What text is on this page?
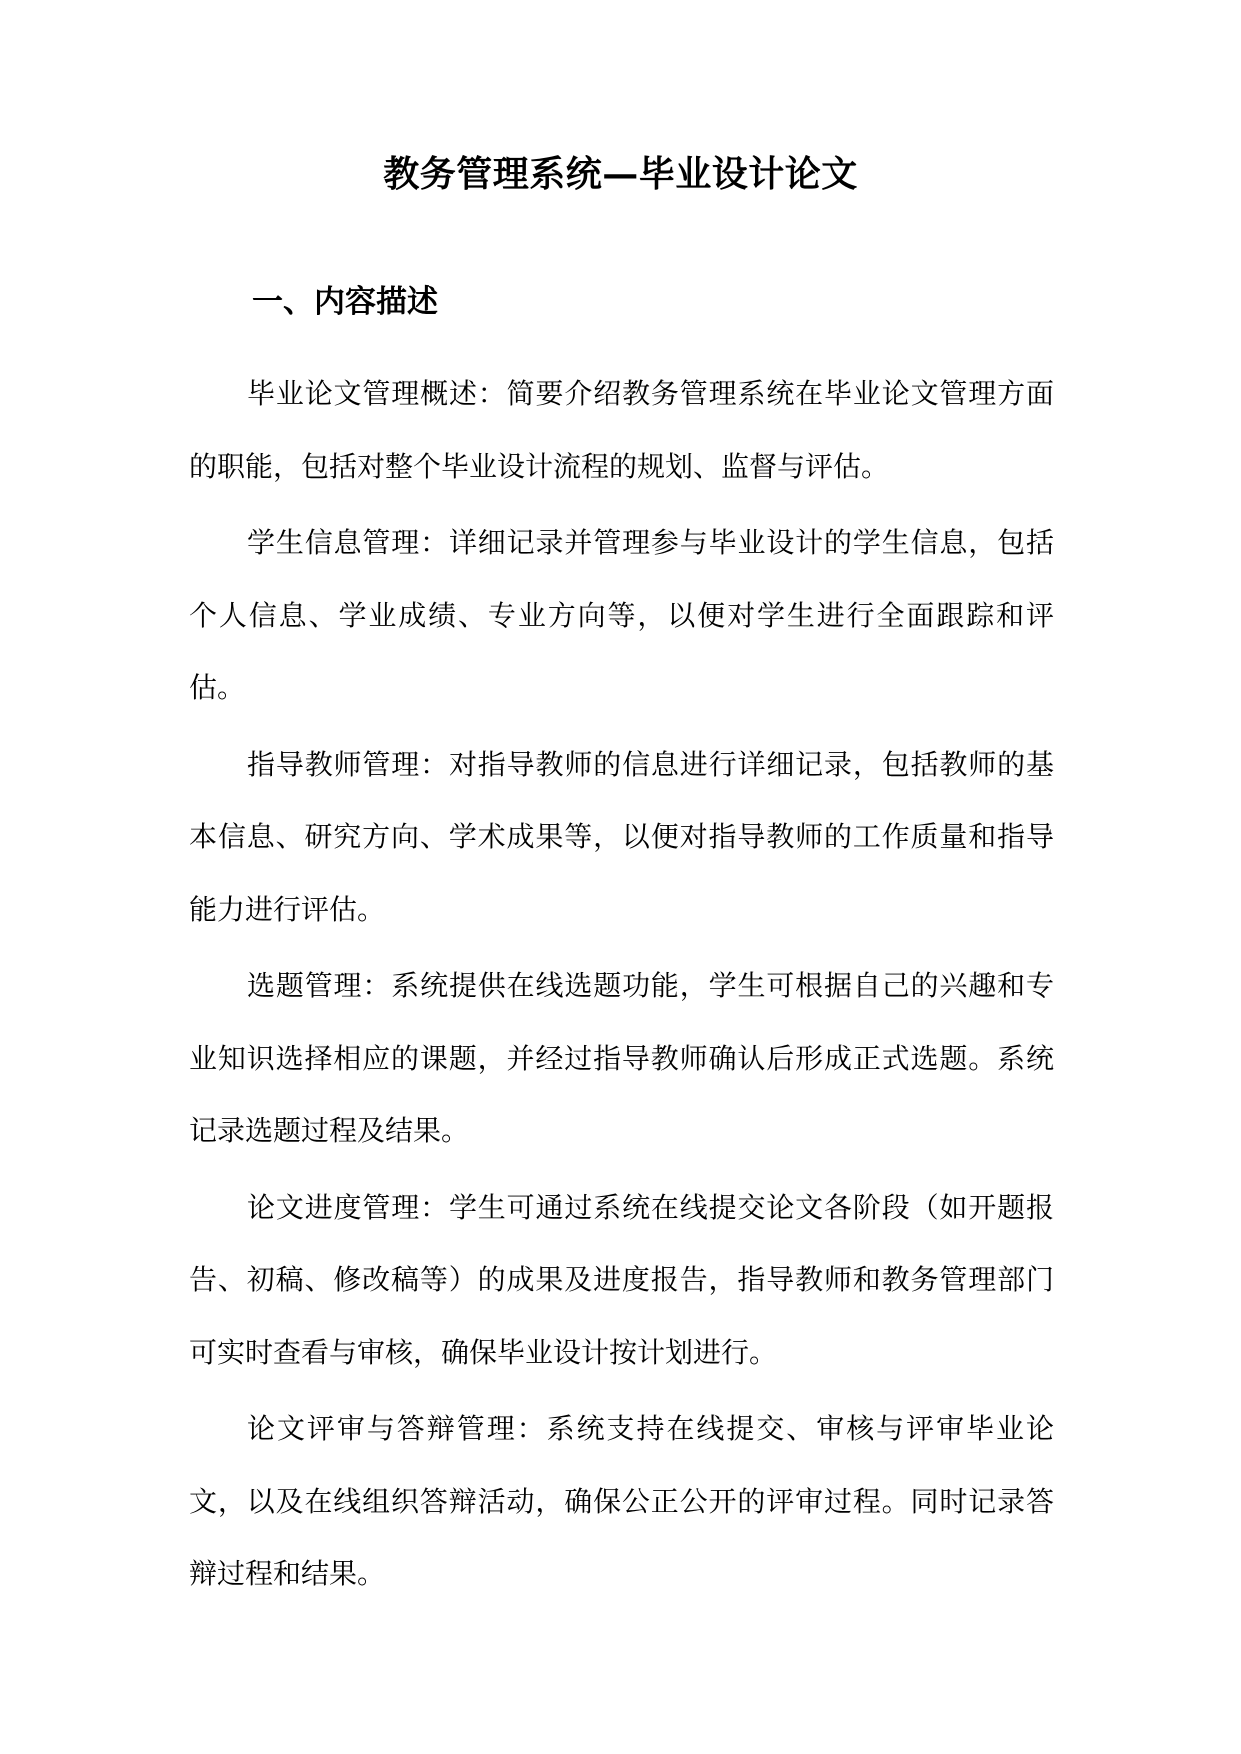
教务管理系统—毕业设计论文
一、内容描述

毕业论文管理概述：简要介绍教务管理系统在毕业论文管理方面的职能，包括对整个毕业设计流程的规划、监督与评估。

学生信息管理：详细记录并管理参与毕业设计的学生信息，包括个人信息、学业成绩、专业方向等，以便对学生进行全面跟踪和评估。

指导教师管理：对指导教师的信息进行详细记录，包括教师的基本信息、研究方向、学术成果等，以便对指导教师的工作质量和指导能力进行评估。

选题管理：系统提供在线选题功能，学生可根据自己的兴趣和专业知识选择相应的课题，并经过指导教师确认后形成正式选题。系统记录选题过程及结果。

论文进度管理：学生可通过系统在线提交论文各阶段（如开题报告、初稿、修改稿等）的成果及进度报告，指导教师和教务管理部门可实时查看与审核，确保毕业设计按计划进行。

论文评审与答辩管理：系统支持在线提交、审核与评审毕业论文，以及在线组织答辩活动，确保公正公开的评审过程。同时记录答辩过程和结果。
